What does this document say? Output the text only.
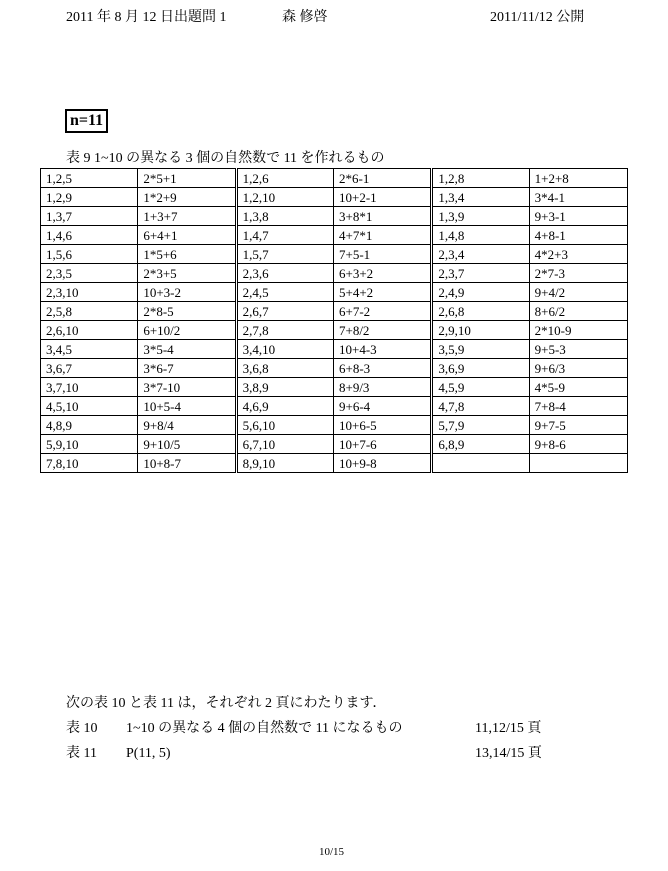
2011 年 8 月 12 日出題問 1	森 修啓	2011/11/12 公開
n=11
表 9 1~10 の異なる 3 個の自然数で 11 を作れるもの
1,2,5	2*5+1	1,2,6	2*6-1	1,2,8	1+2+8
1,2,9	1*2+9	1,2,10	10+2-1	1,3,4	3*4-1
1,3,7	1+3+7	1,3,8	3+8*1	1,3,9	9+3-1
1,4,6	6+4+1	1,4,7	4+7*1	1,4,8	4+8-1
1,5,6	1*5+6	1,5,7	7+5-1	2,3,4	4*2+3
2,3,5	2*3+5	2,3,6	6+3+2	2,3,7	2*7-3
2,3,10	10+3-2	2,4,5	5+4+2	2,4,9	9+4/2
2,5,8	2*8-5	2,6,7	6+7-2	2,6,8	8+6/2
2,6,10	6+10/2	2,7,8	7+8/2	2,9,10	2*10-9
3,4,5	3*5-4	3,4,10	10+4-3	3,5,9	9+5-3
3,6,7	3*6-7	3,6,8	6+8-3	3,6,9	9+6/3
3,7,10	3*7-10	3,8,9	8+9/3	4,5,9	4*5-9
4,5,10	10+5-4	4,6,9	9+6-4	4,7,8	7+8-4
4,8,9	9+8/4	5,6,10	10+6-5	5,7,9	9+7-5
5,9,10	9+10/5	6,7,10	10+7-6	6,8,9	9+8-6
7,8,10	10+8-7	8,9,10	10+9-8		
次の表 10 と表 11 は，それぞれ 2 頁にわたります．
表 10 1~10 の異なる 4 個の自然数で 11 になるもの	11,12/15 頁
表 11 P(11, 5)	13,14/15 頁
10/15
